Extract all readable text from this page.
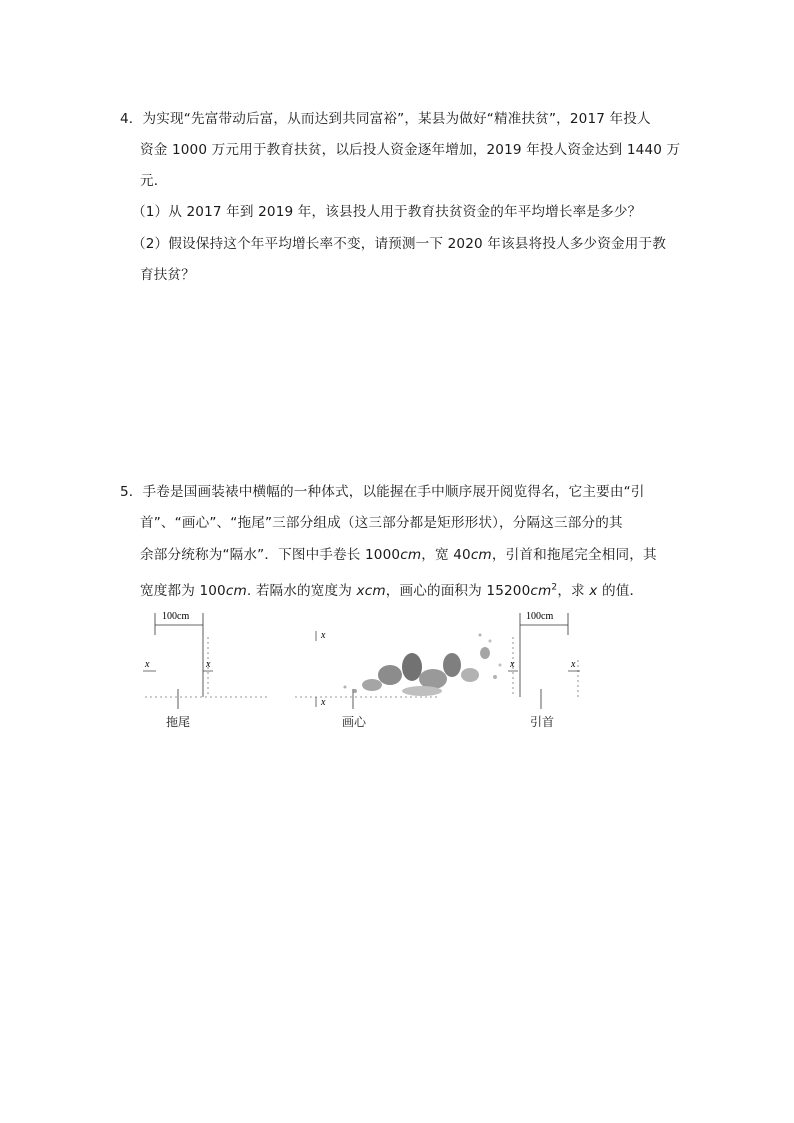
4．为实现“先富带动后富，从而达到共同富裕”，某县为做好“精准扶贫”，2017 年投人
资金 1000 万元用于教育扶贫，以后投人资金逐年增加，2019 年投人资金达到 1440 万
元．
（1）从 2017 年到 2019 年，该县投人用于教育扶贫资金的年平均增长率是多少？
（2）假设保持这个年平均增长率不变，请预测一下 2020 年该县将投人多少资金用于教
育扶贫？
5．手卷是国画装裱中横幅的一种体式，以能握在手中顺序展开阅览得名，它主要由“引
首”、“画心”、“拖尾”三部分组成（这三部分都是矩形形状），分隔这三部分的其
余部分统称为“隔水”．下图中手卷长 1000cm，宽 40cm，引首和拖尾完全相同，其
宽度都为 100cm. 若隔水的宽度为 xcm，画心的面积为 $15200cm^2$，求 x 的值．
100cm	100cm
x	x
x
x
x	x
拖尾	画心	引首
